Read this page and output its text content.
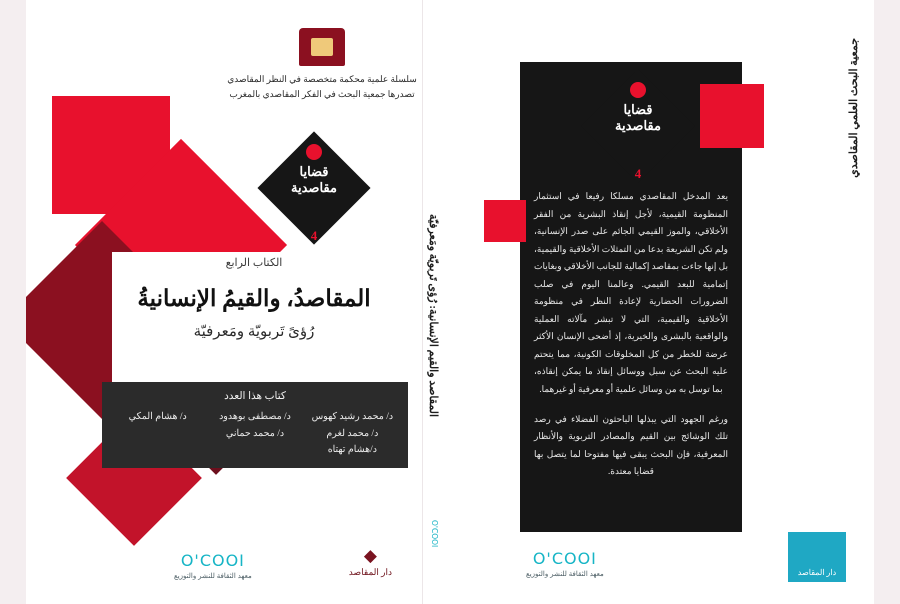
سلسلة علمية محكمة متخصصة في النظر المقاصدي
تصدرها جمعية البحث في الفكر المقاصدي بالمغرب
قضايا
مقاصدية
4
الكتاب الرابع
المقاصدُ، والقيمُ الإنسانيةُ
رُؤىً تَربويّة ومَعرفيّة
كتاب هذا العدد
د/ محمد رشيد كهوس
د/ محمد لغرم
د/هشام تهتاه
د/ مصطفى بوهدود
د/ محمد حماني
د/ هشام المكي
◆
دار المقاصد
O'COOI
معهد الثقافة للنشر والتوزيع
المقاصد والقيم الإنسانية: رُؤى تَربويّة ومَعرفيّة
O'COOI
جمعية البحث العلمي المقاصدي
قضايا
مقاصدية
4

يعد المدخل المقاصدي مسلكا رفيعا في استثمار المنظومة القيمية، لأجل إنقاذ البشرية من الفقر الأخلاقي، والموز القيمي الجائم على صدر الإنسانية، ولم تكن الشريعة بدعا من التمثلات الأخلاقية والقيمية، بل إنها جاءت بمقاصد إكمالية للجانب الأخلاقي وبغايات إتمامية للبعد القيمي. وعالمنا اليوم في صلب الضرورات الحضارية لإعادة النظر في منظومة الأخلاقية والقيمية، التي لا تبشر مآلاته العملية والواقعية بالبشرى والخيرية، إذ أضحى الإنسان الأكثر عرضة للخطر من كل المخلوقات الكونية، مما يتحتم عليه البحث عن سبل ووسائل إنقاذ ما يمكن إنقاذه، بما توسل به من وسائل علمية أو معرفية أو غيرهما.

ورغم الجهود التي يبذلها الباحثون الفضلاء في رصد تلك الوشائج بين القيم والمصادر التربوية والأنظار المعرفية، فإن البحث يبقى فيها مفتوحا لما يتصل بها قضايا معتدة.

O'COOI
معهد الثقافة للنشر والتوزيع	دار المقاصد
